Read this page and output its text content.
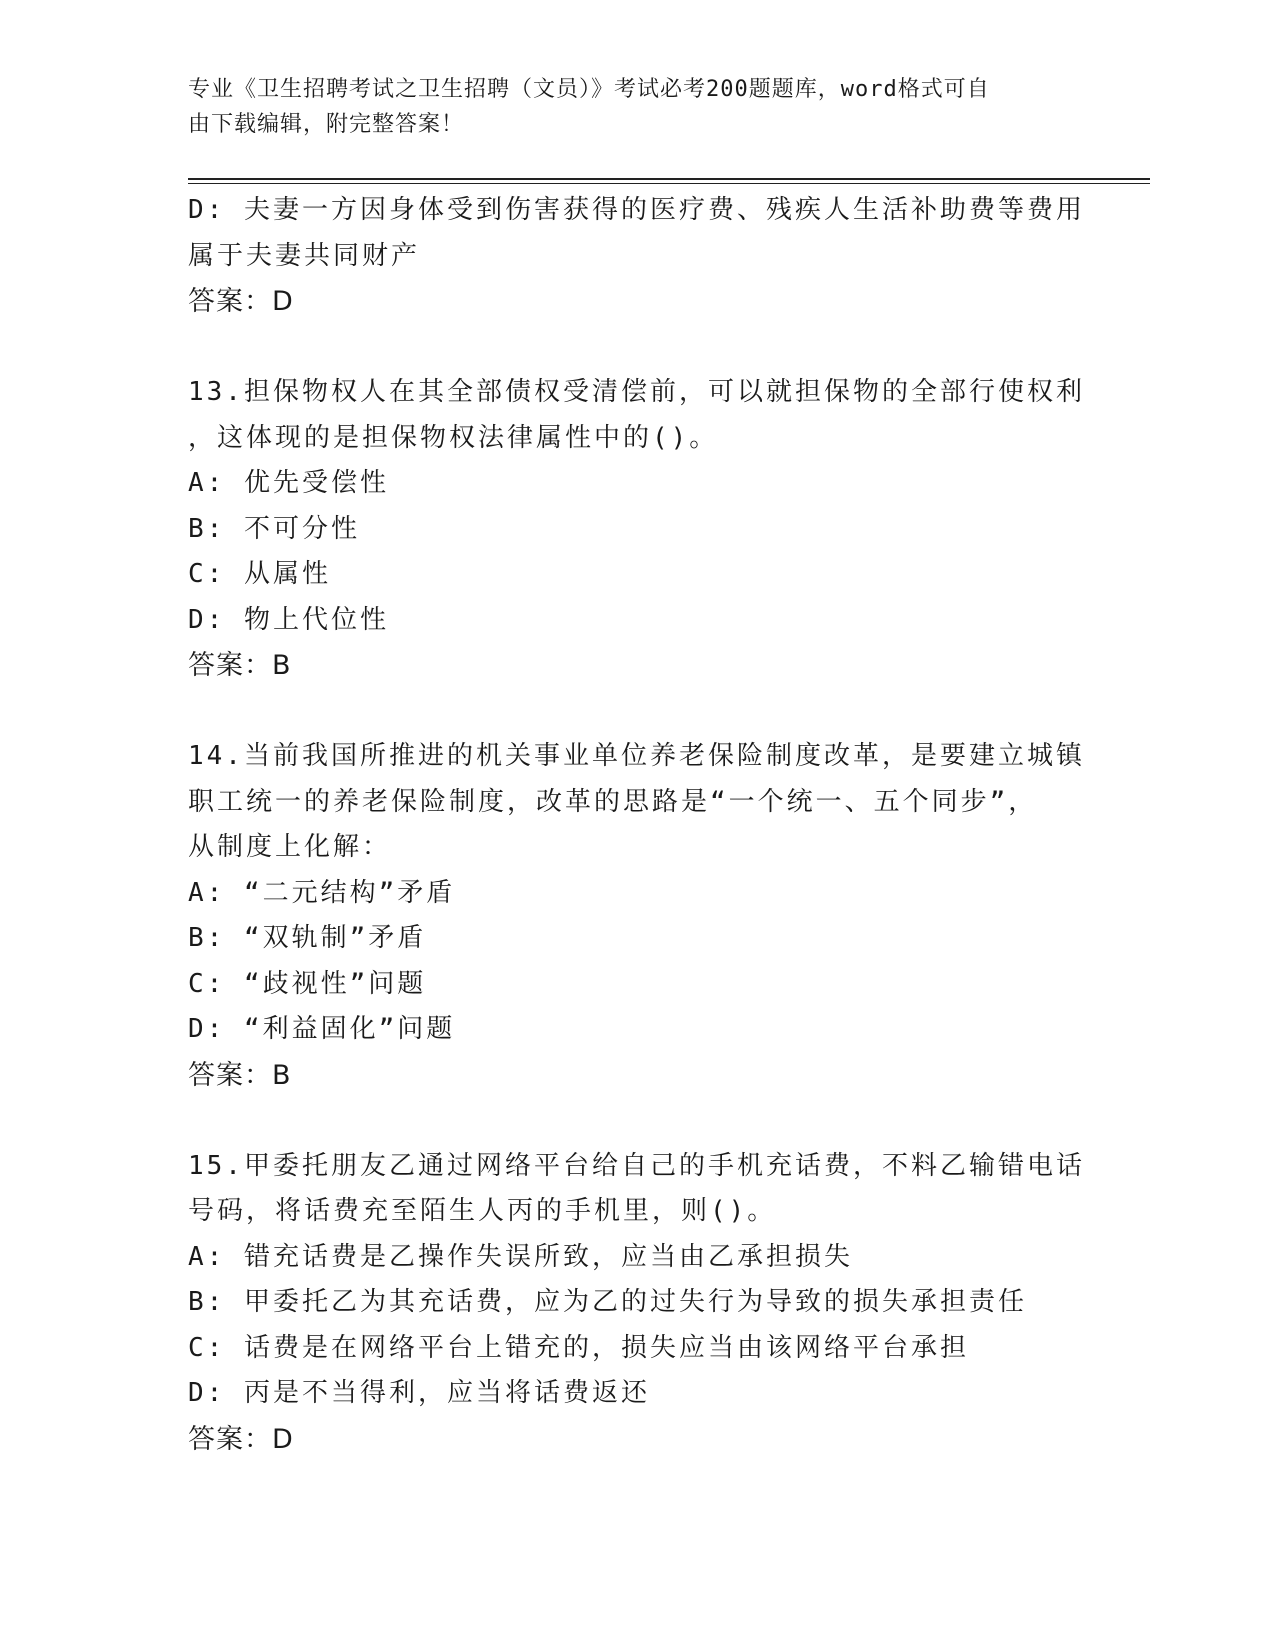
专业《卫生招聘考试之卫生招聘（文员）》考试必考200题题库，word格式可自
由下载编辑，附完整答案！
D: 夫妻一方因身体受到伤害获得的医疗费、残疾人生活补助费等费用
属于夫妻共同财产
答案：D
13.担保物权人在其全部债权受清偿前，可以就担保物的全部行使权利
，这体现的是担保物权法律属性中的()。
A: 优先受偿性
B: 不可分性
C: 从属性
D: 物上代位性
答案：B
14.当前我国所推进的机关事业单位养老保险制度改革，是要建立城镇
职工统一的养老保险制度，改革的思路是“一个统一、五个同步”，
从制度上化解：
A: “二元结构”矛盾
B: “双轨制”矛盾
C: “歧视性”问题
D: “利益固化”问题
答案：B
15.甲委托朋友乙通过网络平台给自己的手机充话费，不料乙输错电话
号码，将话费充至陌生人丙的手机里，则()。
A: 错充话费是乙操作失误所致，应当由乙承担损失
B: 甲委托乙为其充话费，应为乙的过失行为导致的损失承担责任
C: 话费是在网络平台上错充的，损失应当由该网络平台承担
D: 丙是不当得利，应当将话费返还
答案：D
